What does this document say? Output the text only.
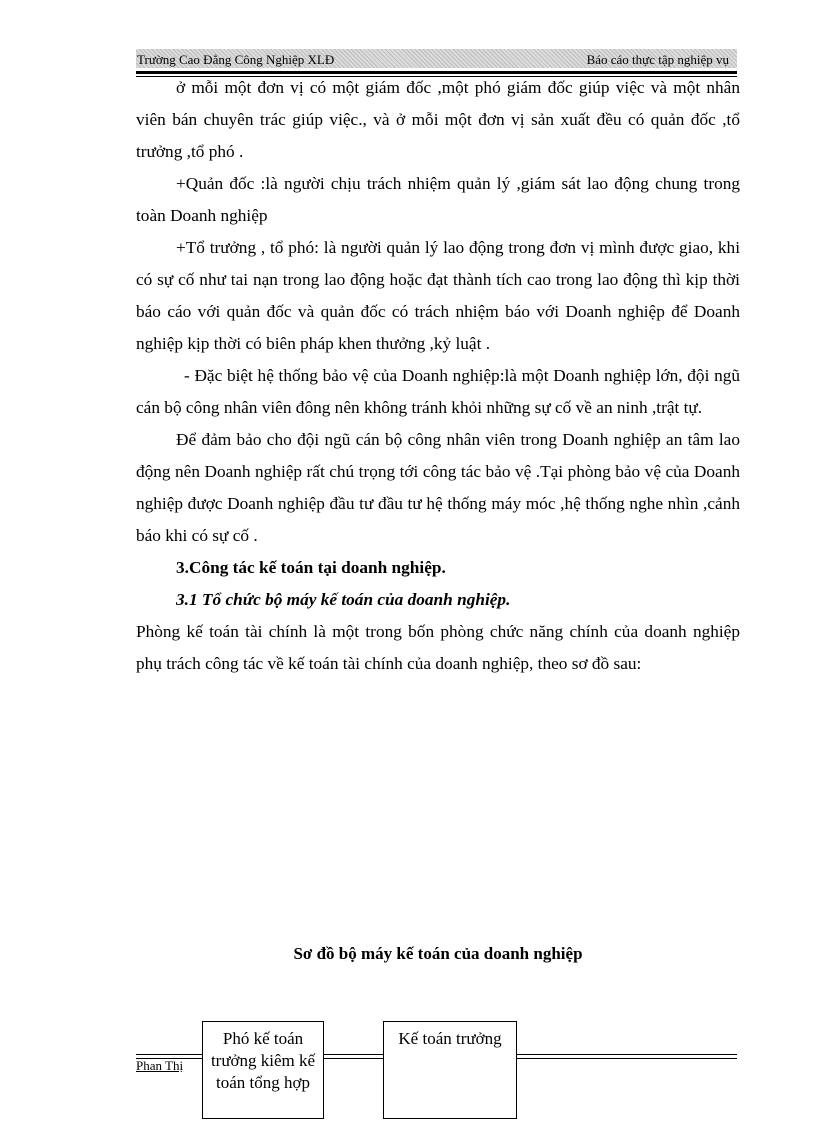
Trường Cao Đẳng Công Nghiệp XLĐ	Báo cáo thực tập nghiệp vụ

ở mỗi một đơn vị có một giám đốc ,một phó giám đốc giúp việc và một nhân viên bán chuyên trác giúp việc., và ở mỗi một đơn vị sản xuất đều có quản đốc ,tổ trưởng ,tổ phó .

+Quản đốc :là người chịu trách nhiệm quản lý ,giám sát lao động chung trong toàn Doanh nghiệp

+Tổ trưởng , tổ phó: là người quản lý lao động trong đơn vị mình được giao, khi có sự cố như tai nạn trong lao động hoặc đạt thành tích cao trong lao động thì kịp thời báo cáo với quản đốc và quản đốc có trách nhiệm báo với Doanh nghiệp để Doanh nghiệp kịp thời có biên pháp khen thưởng ,kỷ luật .

- Đặc biệt hệ thống bảo vệ của Doanh nghiệp:là một Doanh nghiệp lớn, đội ngũ cán bộ công nhân viên đông nên không tránh khỏi những sự cố về an ninh ,trật tự.

Để đảm bảo cho đội ngũ cán bộ công nhân viên trong Doanh nghiệp an tâm lao động nên Doanh nghiệp rất chú trọng tới công tác bảo vệ .Tại phòng bảo vệ của Doanh nghiệp được Doanh nghiệp đầu tư đầu tư hệ thống máy móc ,hệ thống nghe nhìn ,cảnh báo khi có sự cố .

3.Công tác kế toán tại doanh nghiệp.

3.1 Tổ chức bộ máy kế toán của doanh nghiệp.

Phòng kế toán tài chính là một trong bốn phòng chức năng chính của doanh nghiệp phụ trách công tác về kế toán tài chính của doanh nghiệp, theo sơ đồ sau:

Sơ đồ bộ máy kế toán của doanh nghiệp
Phan Thị
Phó kế toán trưởng kiêm kế toán tổng hợp
Kế toán trưởng
